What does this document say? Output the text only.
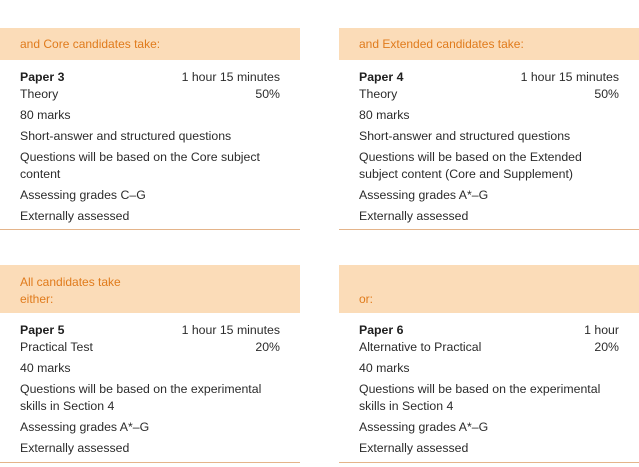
and Core candidates take:
Paper 3	1 hour 15 minutes
Theory	50%
80 marks
Short-answer and structured questions
Questions will be based on the Core subject content
Assessing grades C–G
Externally assessed
and Extended candidates take:
Paper 4	1 hour 15 minutes
Theory	50%
80 marks
Short-answer and structured questions
Questions will be based on the Extended subject content (Core and Supplement)
Assessing grades A*–G
Externally assessed
All candidates take
either:
Paper 5	1 hour 15 minutes
Practical Test	20%
40 marks
Questions will be based on the experimental skills in Section 4
Assessing grades A*–G
Externally assessed
or:
Paper 6	1 hour
Alternative to Practical	20%
40 marks
Questions will be based on the experimental skills in Section 4
Assessing grades A*–G
Externally assessed
